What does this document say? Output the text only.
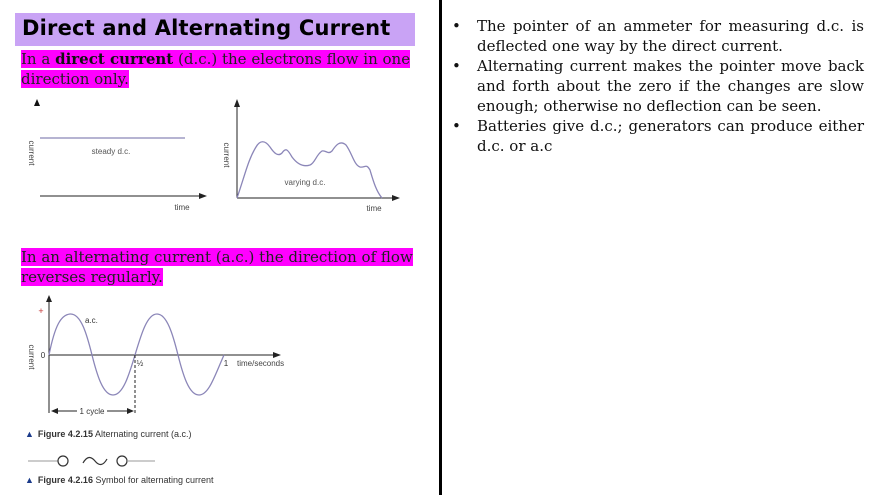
Direct and Alternating Current
In a direct current (d.c.) the electrons flow in one direction only.
current	steady d.c.
time
current
varying d.c.
time
In an alternating current (a.c.) the direction of flow reverses regularly.
+
0
a.c.
current	½	1 time/seconds
1 cycle
▲ Figure 4.2.15 Alternating current (a.c.)
▲ Figure 4.2.16 Symbol for alternating current
• The pointer of an ammeter for measuring d.c. is deflected one way by the direct current.
• Alternating current makes the pointer move back and forth about the zero if the changes are slow enough; otherwise no deflection can be seen.
• Batteries give d.c.; generators can produce either d.c. or a.c
